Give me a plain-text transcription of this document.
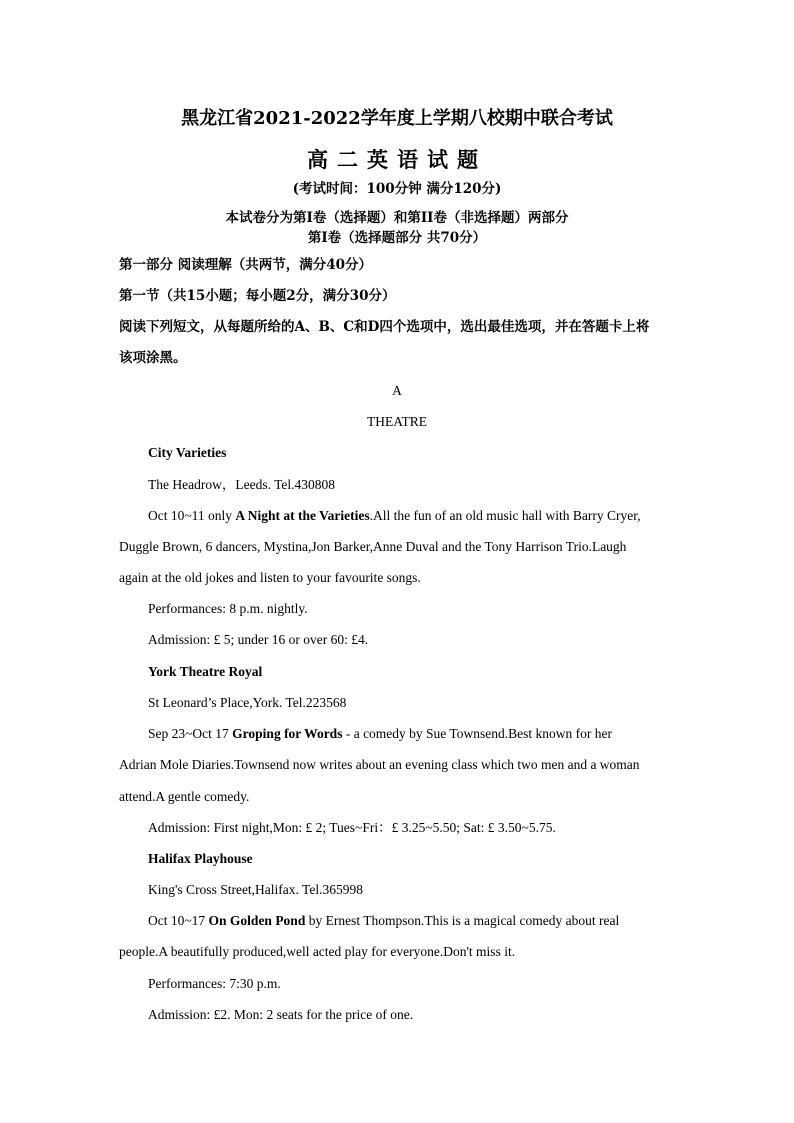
黑龙江省2021-2022学年度上学期八校期中联合考试
高二英语试题
(考试时间：100分钟 满分120分)
本试卷分为第I卷（选择题）和第II卷（非选择题）两部分
第I卷（选择题部分 共70分）
第一部分 阅读理解（共两节，满分40分）
第一节（共15小题；每小题2分，满分30分）
阅读下列短文，从每题所给的A、B、C和D四个选项中，选出最佳选项，并在答题卡上将
该项涂黑。
A
THEATRE
City Varieties
The Headrow，Leeds. Tel.430808
Oct 10~11 only A Night at the Varieties.All the fun of an old music hall with Barry Cryer,
Duggle Brown, 6 dancers, Mystina,Jon Barker,Anne Duval and the Tony Harrison Trio.Laugh
again at the old jokes and listen to your favourite songs.
Performances: 8 p.m. nightly.
Admission: £ 5; under 16 or over 60: £4.
York Theatre Royal
St Leonard’s Place,York. Tel.223568
Sep 23~Oct 17 Groping for Words - a comedy by Sue Townsend.Best known for her
Adrian Mole Diaries.Townsend now writes about an evening class which two men and a woman
attend.A gentle comedy.
Admission: First night,Mon: £ 2; Tues~Fri：£ 3.25~5.50; Sat: £ 3.50~5.75.
Halifax Playhouse
King's Cross Street,Halifax. Tel.365998
Oct 10~17 On Golden Pond by Ernest Thompson.This is a magical comedy about real
people.A beautifully produced,well acted play for everyone.Don't miss it.
Performances: 7:30 p.m.
Admission: £2. Mon: 2 seats for the price of one.
